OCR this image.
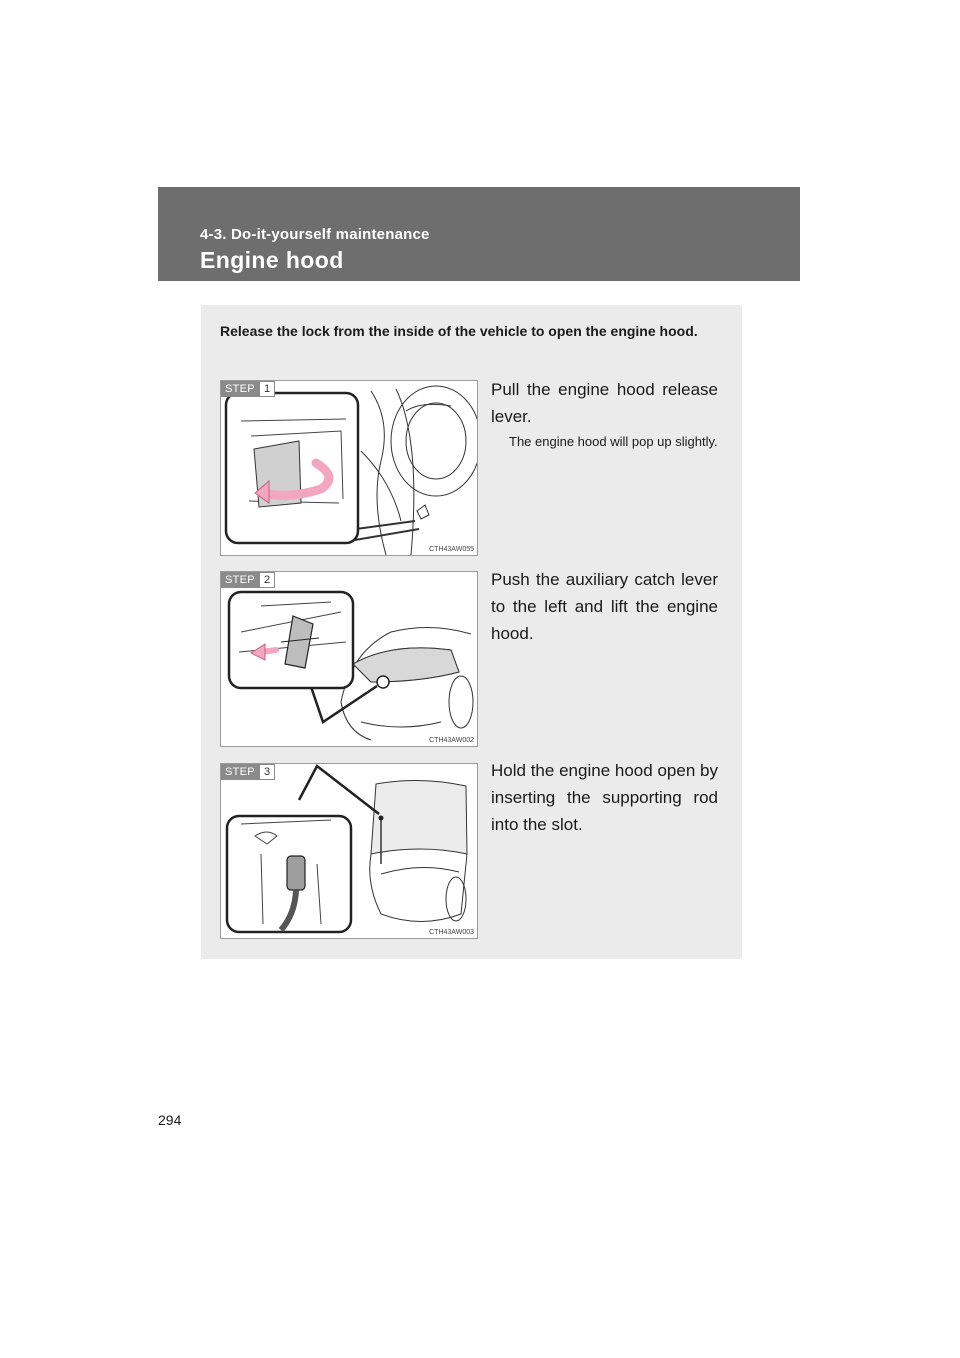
4-3. Do-it-yourself maintenance
Engine hood
Release the lock from the inside of the vehicle to open the engine hood.
STEP 1
CTH43AW055
Pull the engine hood release lever.
The engine hood will pop up slightly.
STEP 2
CTH43AW002
Push the auxiliary catch lever to the left and lift the engine hood.
STEP 3
CTH43AW003
Hold the engine hood open by inserting the supporting rod into the slot.
294
